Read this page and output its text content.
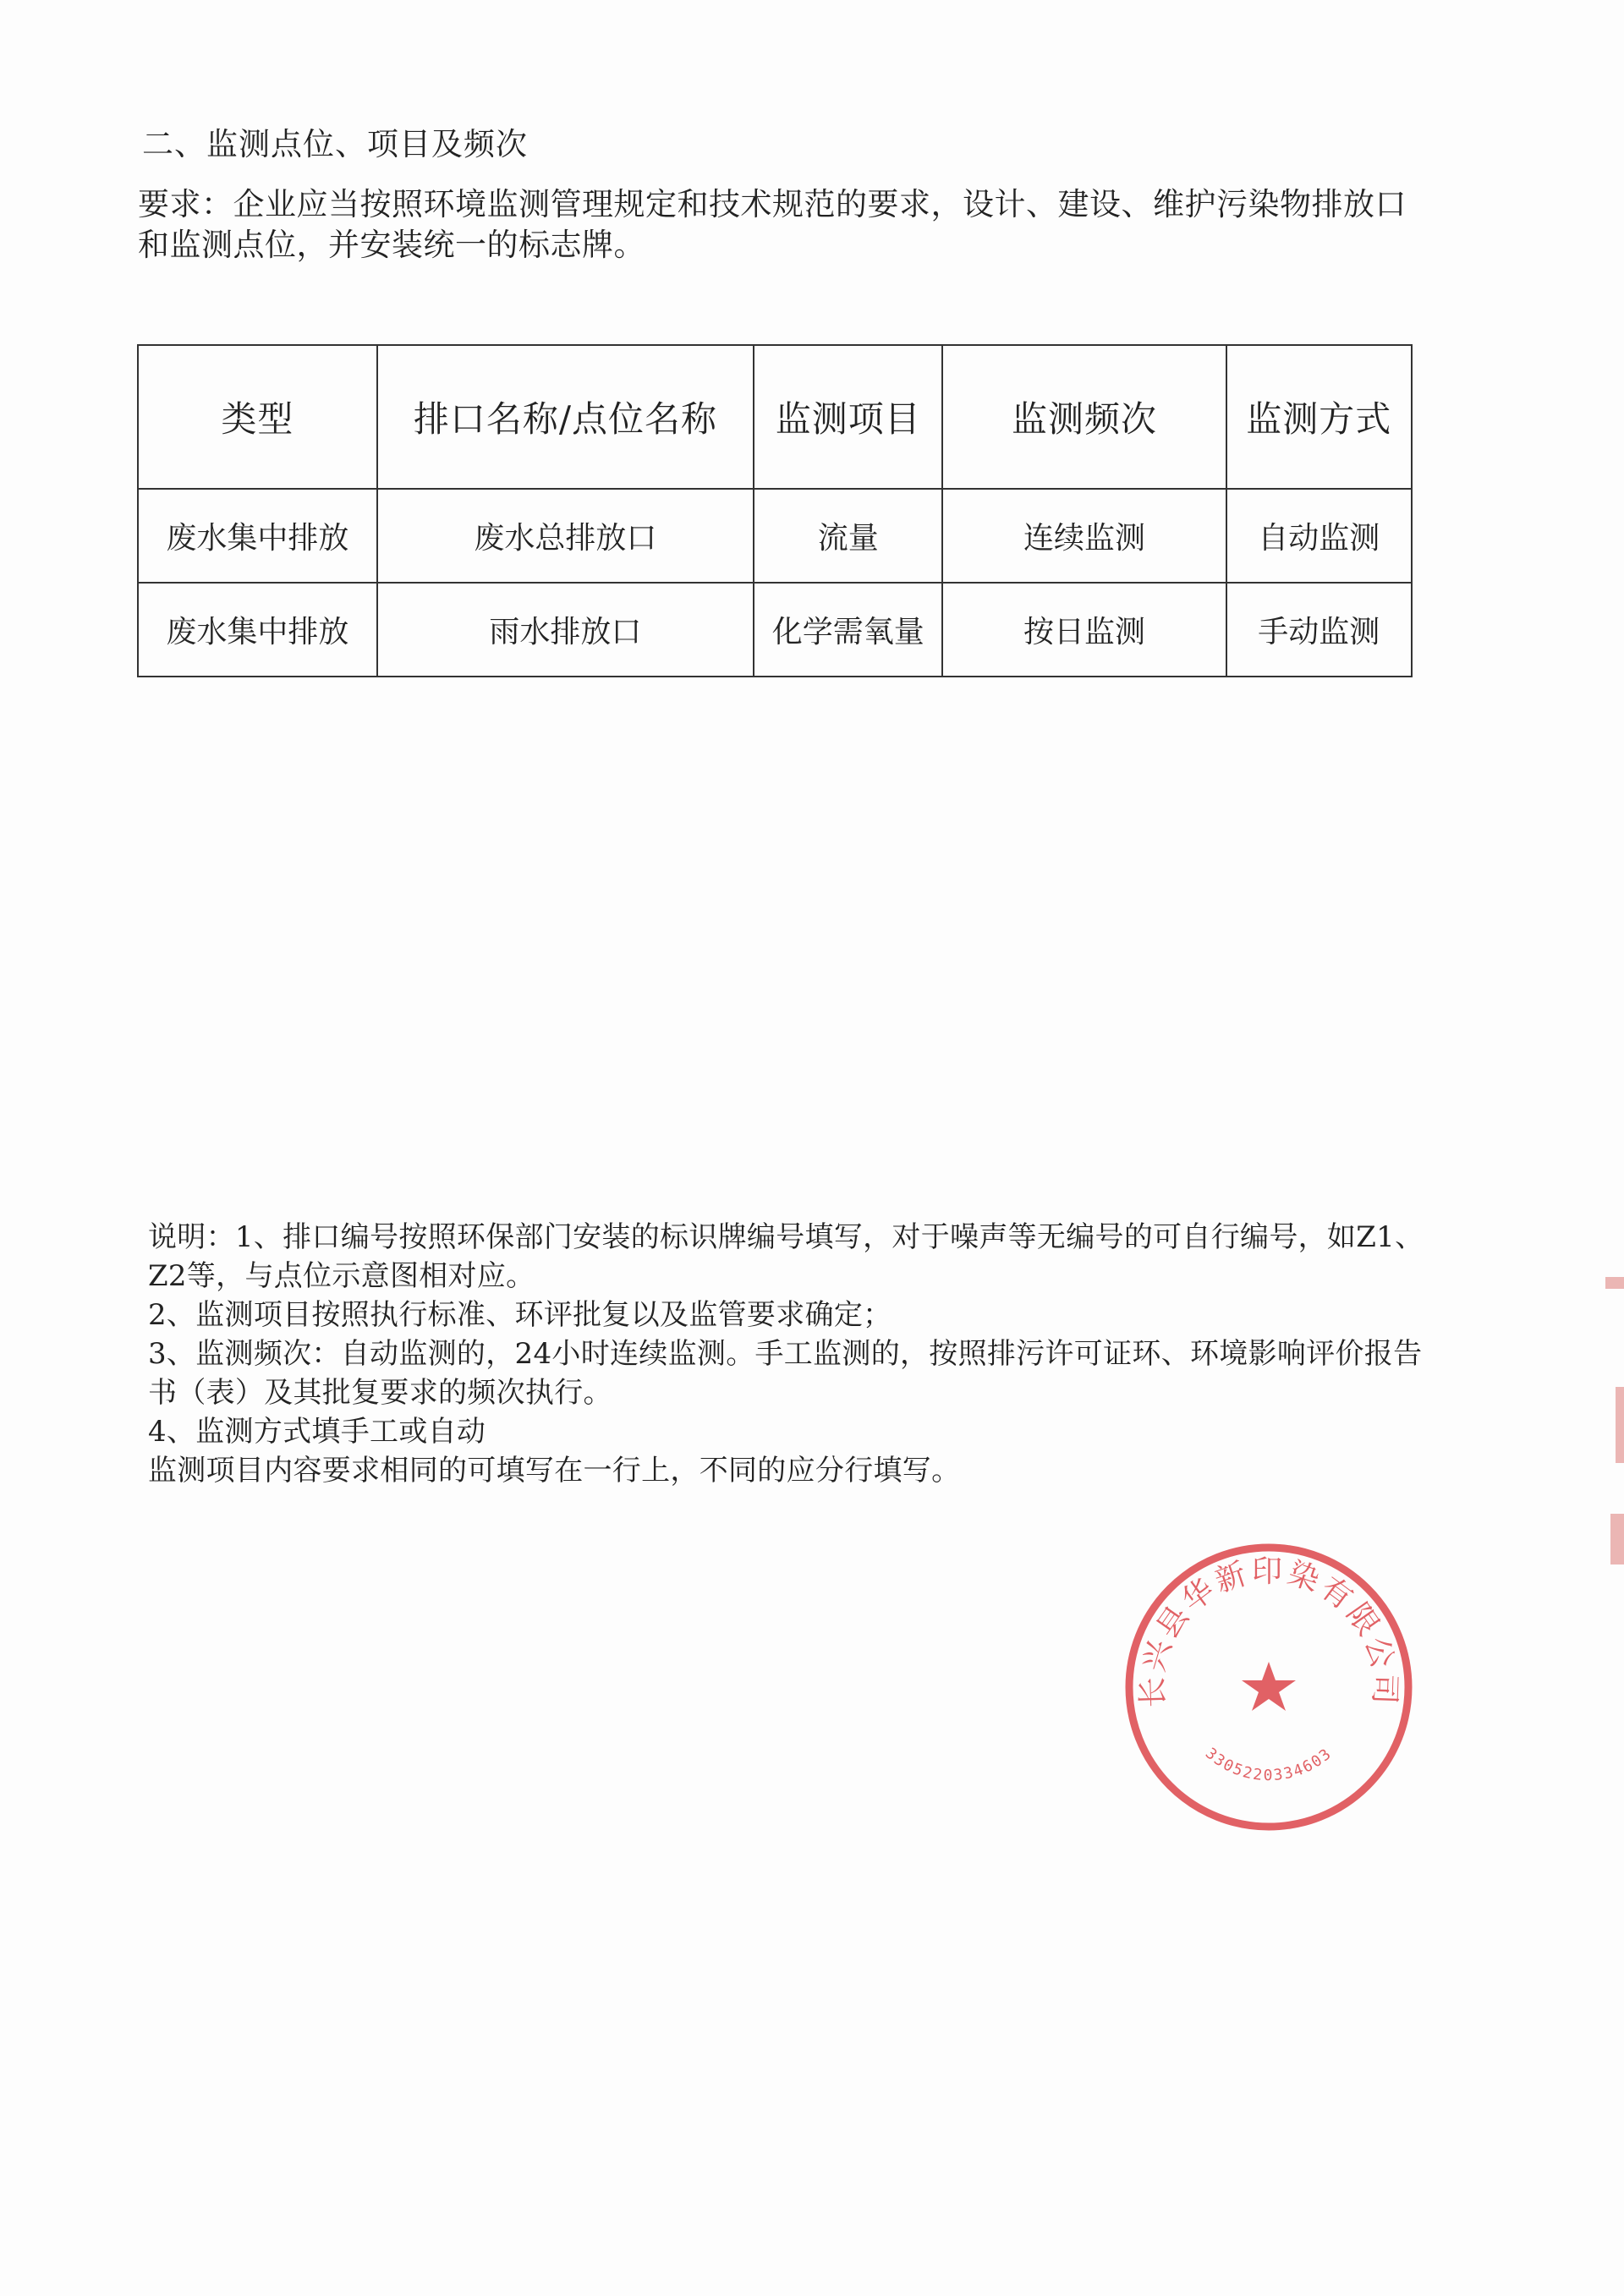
二、监测点位、项目及频次
要求：企业应当按照环境监测管理规定和技术规范的要求，设计、建设、维护污染物排放口和监测点位，并安装统一的标志牌。
类型	排口名称/点位名称	监测项目	监测频次	监测方式
废水集中排放	废水总排放口	流量	连续监测	自动监测
废水集中排放	雨水排放口	化学需氧量	按日监测	手动监测
说明：1、排口编号按照环保部门安装的标识牌编号填写，对于噪声等无编号的可自行编号，如Z1、Z2等，与点位示意图相对应。
2、监测项目按照执行标准、环评批复以及监管要求确定；
3、监测频次：自动监测的，24小时连续监测。手工监测的，按照排污许可证环、环境影响评价报告书（表）及其批复要求的频次执行。
4、监测方式填手工或自动
监测项目内容要求相同的可填写在一行上，不同的应分行填写。
长兴县华新印染有限公司
3305220334603
